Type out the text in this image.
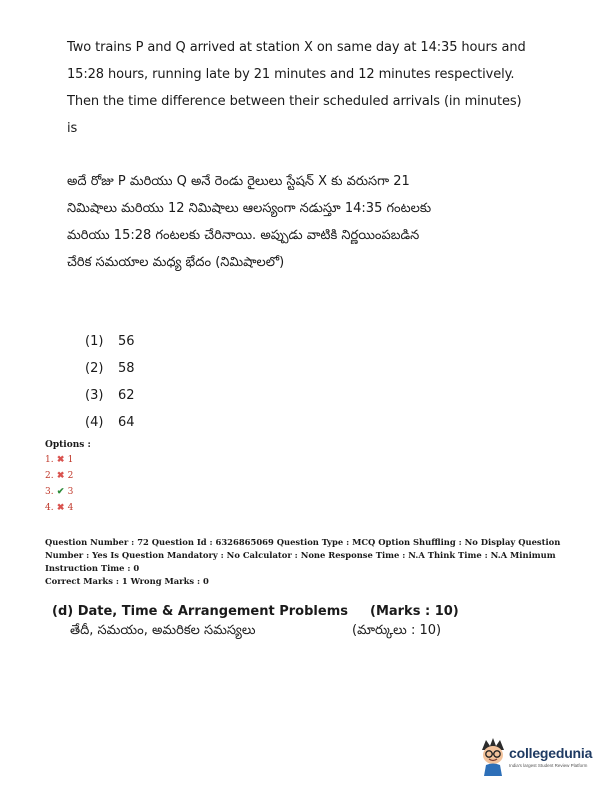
Two trains P and Q arrived at station X on same day at 14:35 hours and
15:28 hours, running late by 21 minutes and 12 minutes respectively.
Then the time difference between their scheduled arrivals (in minutes)
is
అదే రోజు P మరియు Q అనే రెండు రైలులు స్టేషన్ X కు వరుసగా 21
నిమిషాలు మరియు 12 నిమిషాలు ఆలస్యంగా నడుస్తూ 14:35 గంటలకు
మరియు 15:28 గంటలకు చేరినాయి. అప్పుడు వాటికి నిర్ణయింపబడిన
చేరిక సమయాల మధ్య భేదం (నిమిషాలలో)
(1) 56
(2) 58
(3) 62
(4) 64
Options :
1. ✖ 1
2. ✖ 2
3. ✔ 3
4. ✖ 4
Question Number : 72 Question Id : 6326865069 Question Type : MCQ Option Shuffling : No Display Question
Number : Yes Is Question Mandatory : No Calculator : None Response Time : N.A Think Time : N.A Minimum
Instruction Time : 0
Correct Marks : 1 Wrong Marks : 0
(d) Date, Time & Arrangement Problems (Marks : 10)
తేదీ, సమయం, అమరికల సమస్యలు	(మార్కులు : 10)
collegedunia
India's largest Student Review Platform
